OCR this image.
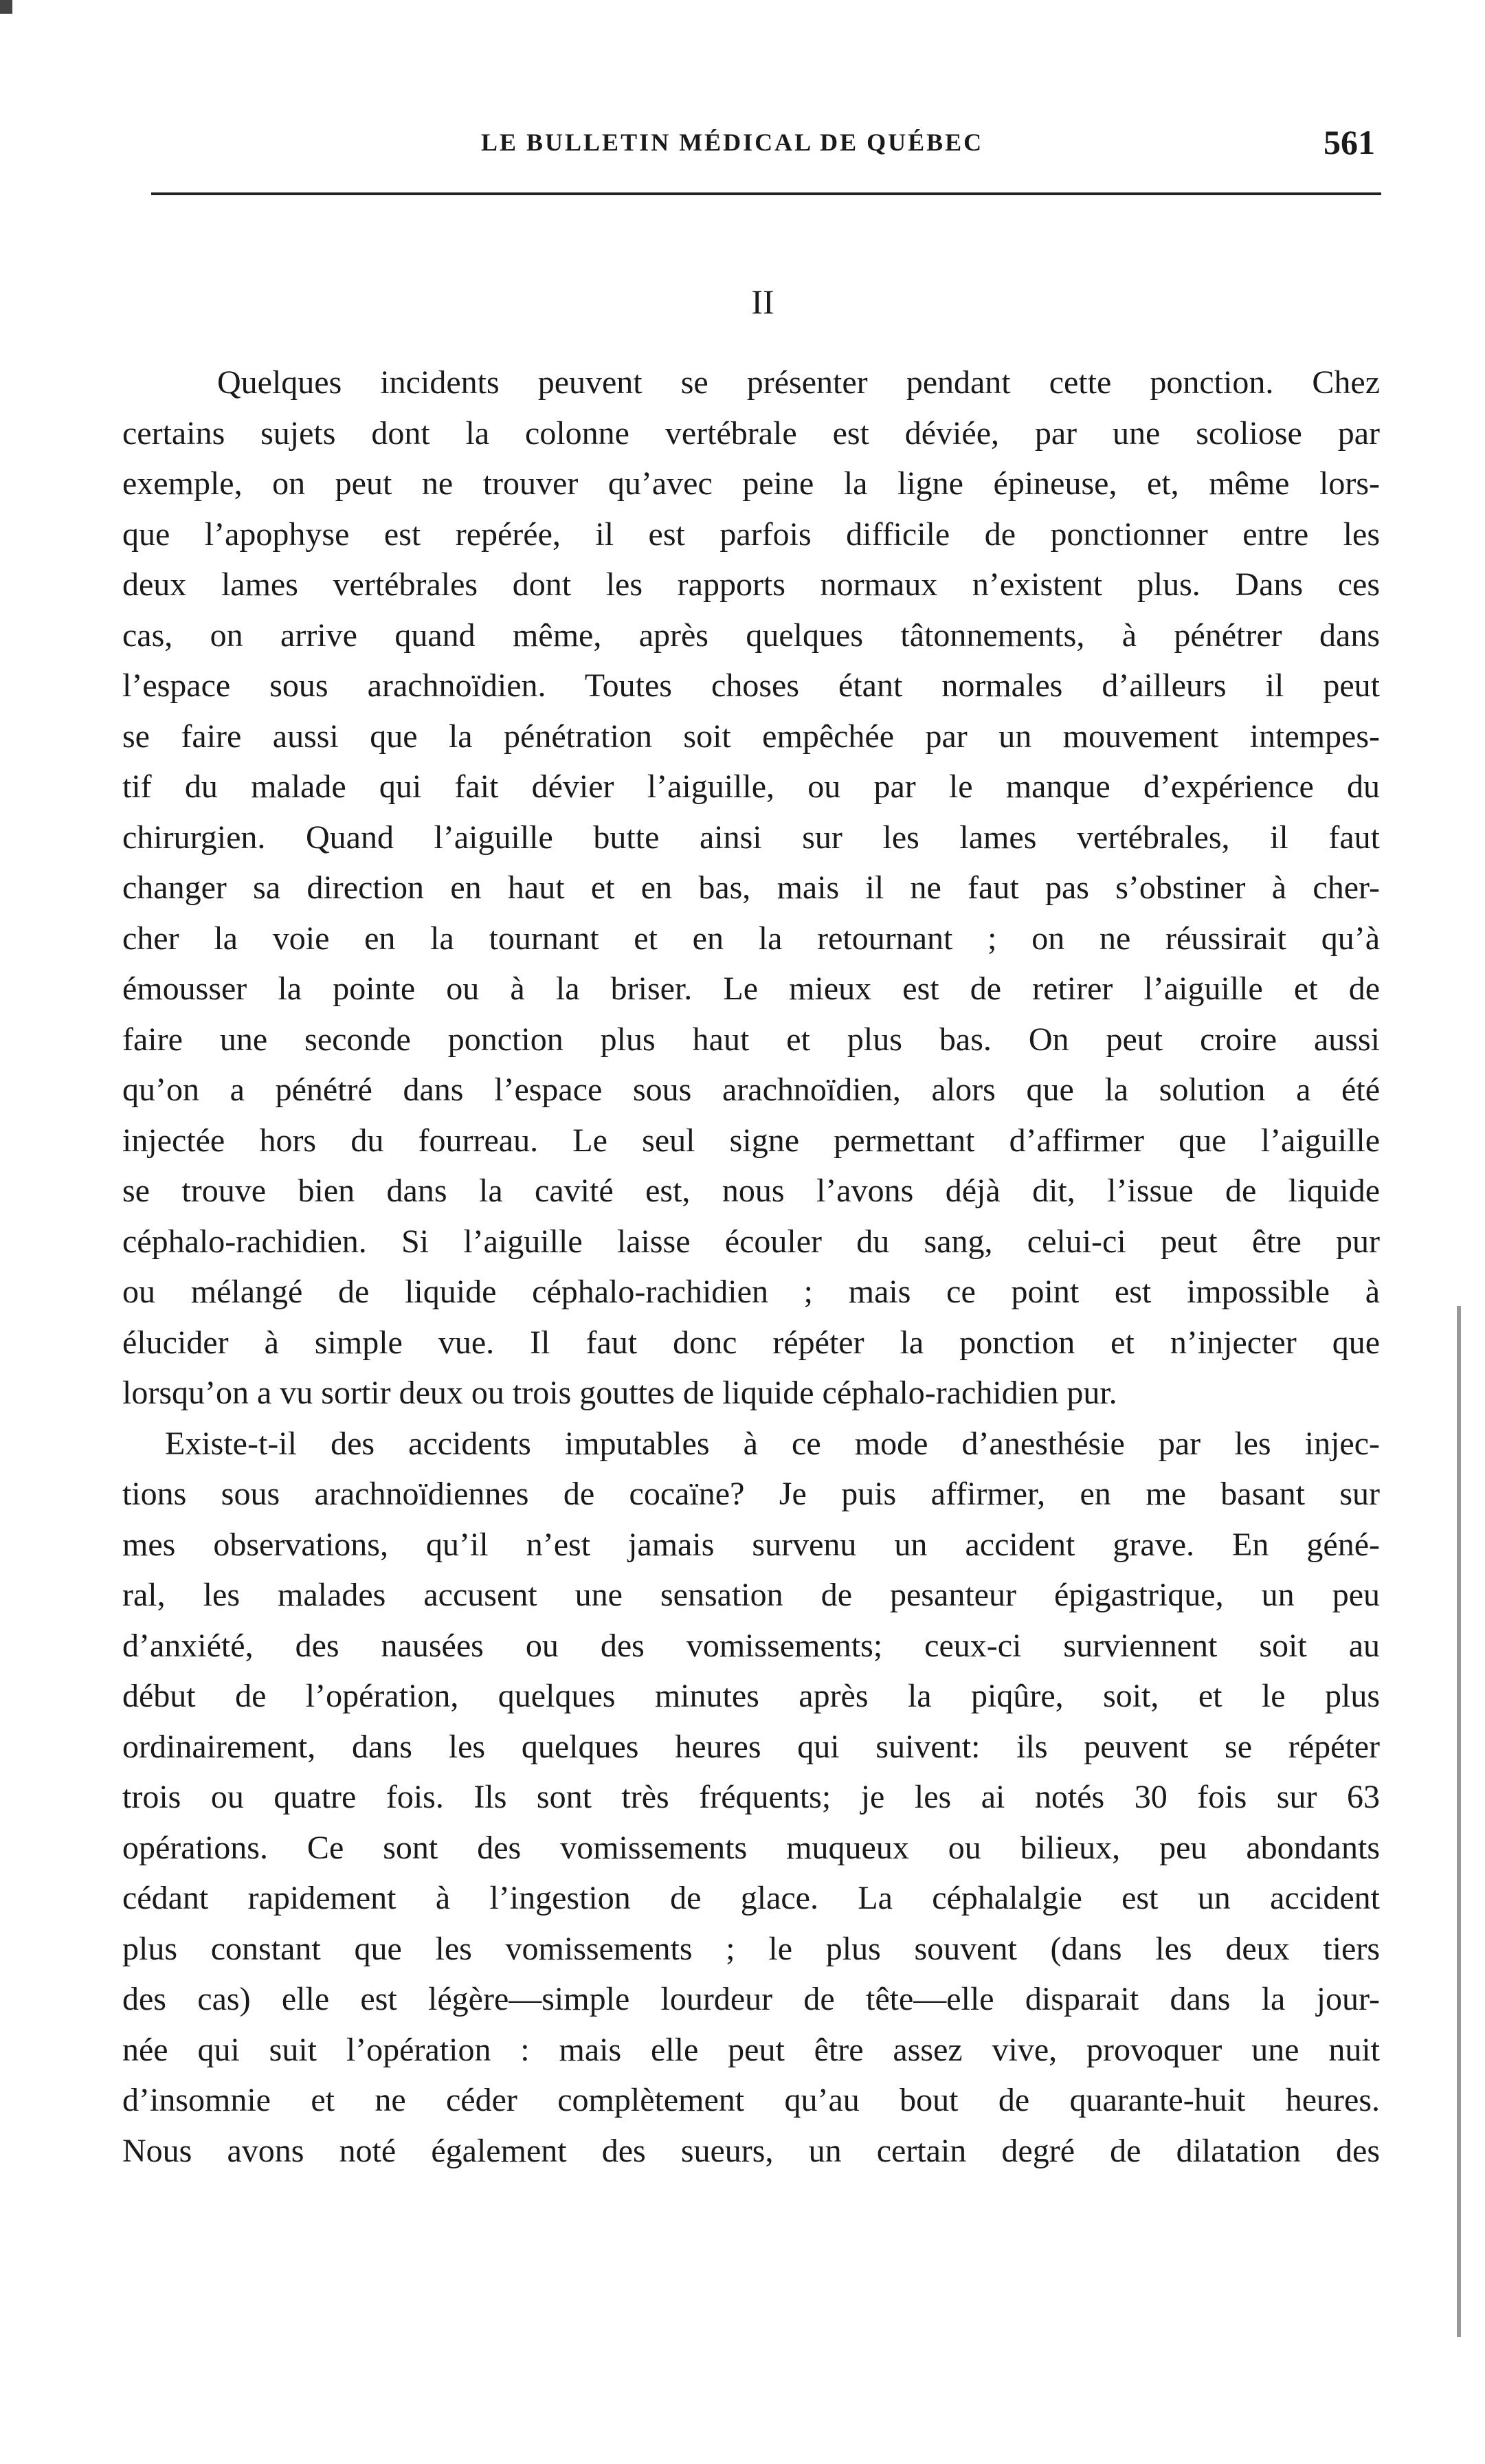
LE BULLETIN MÉDICAL DE QUÉBEC	561
II
Quelques incidents peuvent se présenter pendant cette ponction. Chez
certains sujets dont la colonne vertébrale est déviée, par une scoliose par
exemple, on peut ne trouver qu’avec peine la ligne épineuse, et, même lors-
que l’apophyse est repérée, il est parfois difficile de ponctionner entre les
deux lames vertébrales dont les rapports normaux n’existent plus. Dans ces
cas, on arrive quand même, après quelques tâtonnements, à pénétrer dans
l’espace sous arachnoïdien. Toutes choses étant normales d’ailleurs il peut
se faire aussi que la pénétration soit empêchée par un mouvement intempes-
tif du malade qui fait dévier l’aiguille, ou par le manque d’expérience du
chirurgien. Quand l’aiguille butte ainsi sur les lames vertébrales, il faut
changer sa direction en haut et en bas, mais il ne faut pas s’obstiner à cher-
cher la voie en la tournant et en la retournant ; on ne réussirait qu’à
émousser la pointe ou à la briser. Le mieux est de retirer l’aiguille et de
faire une seconde ponction plus haut et plus bas. On peut croire aussi
qu’on a pénétré dans l’espace sous arachnoïdien, alors que la solution a été
injectée hors du fourreau. Le seul signe permettant d’affirmer que l’aiguille
se trouve bien dans la cavité est, nous l’avons déjà dit, l’issue de liquide
céphalo-rachidien. Si l’aiguille laisse écouler du sang, celui-ci peut être pur
ou mélangé de liquide céphalo-rachidien ; mais ce point est impossible à
élucider à simple vue. Il faut donc répéter la ponction et n’injecter que
lorsqu’on a vu sortir deux ou trois gouttes de liquide céphalo-rachidien pur.
Existe-t-il des accidents imputables à ce mode d’anesthésie par les injec-
tions sous arachnoïdiennes de cocaïne? Je puis affirmer, en me basant sur
mes observations, qu’il n’est jamais survenu un accident grave. En géné-
ral, les malades accusent une sensation de pesanteur épigastrique, un peu
d’anxiété, des nausées ou des vomissements; ceux-ci surviennent soit au
début de l’opération, quelques minutes après la piqûre, soit, et le plus
ordinairement, dans les quelques heures qui suivent: ils peuvent se répéter
trois ou quatre fois. Ils sont très fréquents; je les ai notés 30 fois sur 63
opérations. Ce sont des vomissements muqueux ou bilieux, peu abondants
cédant rapidement à l’ingestion de glace. La céphalalgie est un accident
plus constant que les vomissements ; le plus souvent (dans les deux tiers
des cas) elle est légère—simple lourdeur de tête—elle disparait dans la jour-
née qui suit l’opération : mais elle peut être assez vive, provoquer une nuit
d’insomnie et ne céder complètement qu’au bout de quarante-huit heures.
Nous avons noté également des sueurs, un certain degré de dilatation des
